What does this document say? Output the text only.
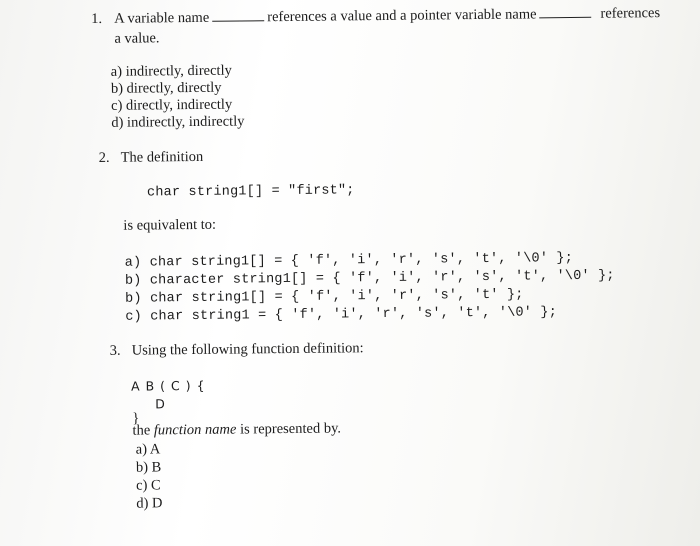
1. A variable name	references a value and a pointer variable name	references
a value.
a) indirectly, directly
b) directly, directly
c) directly, indirectly
d) indirectly, indirectly
2. The definition
char string1[] = "first";
is equivalent to:
a) char string1[] = { 'f', 'i', 'r', 's', 't', '\0' };
b) character string1[] = { 'f', 'i', 'r', 's', 't', '\0' };
b) char string1[] = { 'f', 'i', 'r', 's', 't' };
c) char string1 = { 'f', 'i', 'r', 's', 't', '\0' };
3. Using the following function definition:
A B ( C ) {
D
}
the function name is represented by.
a) A
b) B
c) C
d) D
